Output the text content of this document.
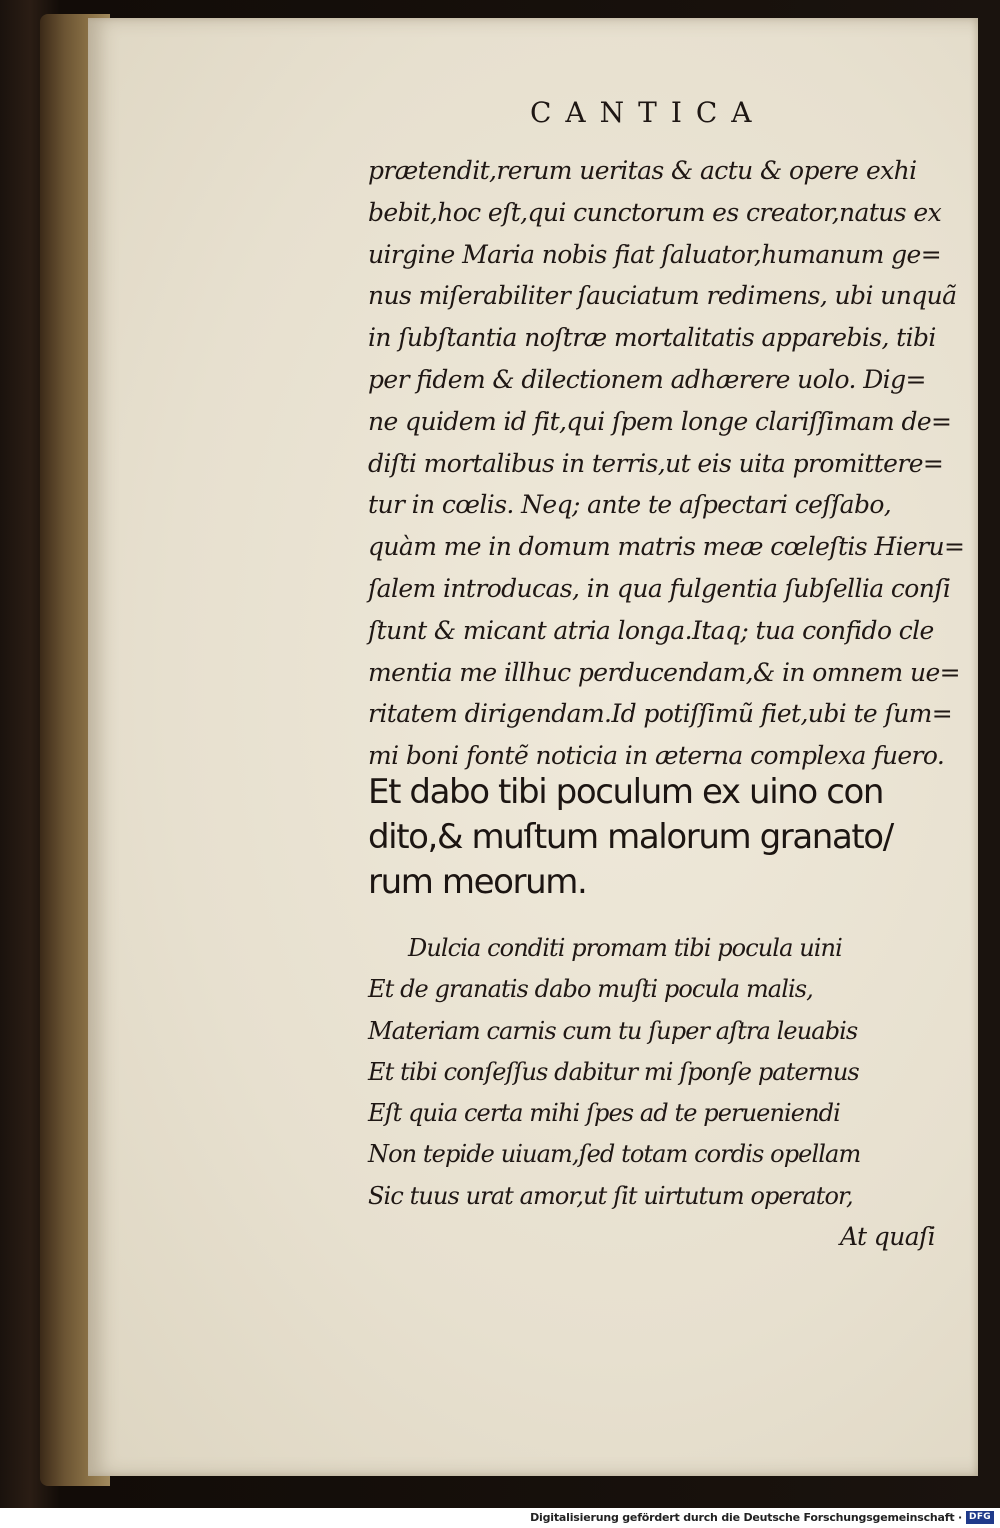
CANTICA
prætendit,rerum ueritas & actu & opere exhi
bebit,hoc eſt,qui cunctorum es creator,natus ex
uirgine Maria nobis fiat ſaluator,humanum ge=
nus miſerabiliter ſauciatum redimens, ubi unquã
in ſubſtantia noſtræ mortalitatis apparebis, tibi
per fidem & dilectionem adhærere uolo. Dig=
ne quidem id fit,qui ſpem longe clariſſimam de=
diſti mortalibus in terris,ut eis uita promittere=
tur in cœlis. Neq; ante te aſpectari ceſſabo,
quàm me in domum matris meæ cœleſtis Hieru=
ſalem introducas, in qua fulgentia ſubſellia conſi
ſtunt & micant atria longa.Itaq; tua confido cle
mentia me illhuc perducendam,& in omnem ue=
ritatem dirigendam.Id potiſſimũ fiet,ubi te ſum=
mi boni fontẽ noticia in æterna complexa fuero.
Et dabo tibi poculum ex uino con
dito,& muſtum malorum granato/
rum meorum.
Dulcia conditi promam tibi pocula uini
Et de granatis dabo muſti pocula malis,
Materiam carnis cum tu ſuper aſtra leuabis
Et tibi conſeſſus dabitur mi ſponſe paternus
Eſt quia certa mihi ſpes ad te perueniendi
Non tepide uiuam,ſed totam cordis opellam
Sic tuus urat amor,ut ſit uirtutum operator,
At quaſi
Digitalisierung gefördert durch die Deutsche Forschungsgemeinschaft · DFG
